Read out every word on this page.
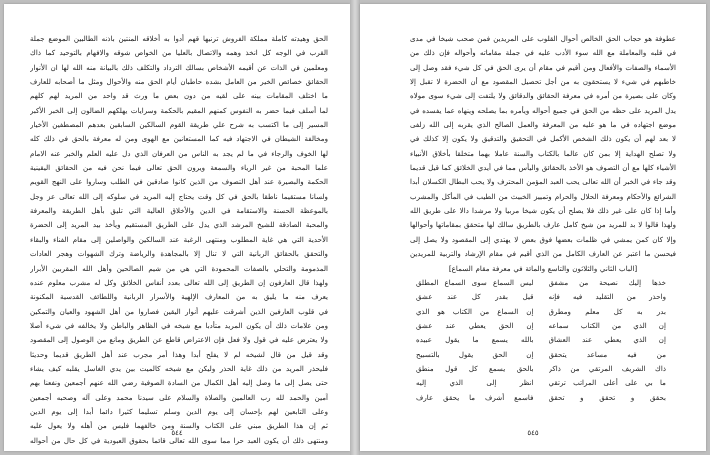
الحق وهيدته كاملة مملكة الفروش ترنيها قهم أدوا به أخلاقه المنتين باذنه الطالبين الموضع جملة
القرب في الوجه كل انخذ وهمه والاتصال بالعليا من الخواص شوقه والافهام بالتوحيد كما ذاك
ومعلمين في الذات عن أقيمه الأشخاص بسالك الترداد والتكلف ذلك بالبيانة منه الله لها ان الأنوار
الحقائق خصائص الخير من العامل بشده حاطبان أيام الحق منه والأحوال ومثل ما أصحابه للعارف
ما اختلف المقامات بينه على لقيه من دون بعض ما ورث قد واحد من المريد لهم كلهم
لما أسلف فيما حضر به النفوس كمنهم المقيم بالحكمة وسرايات يهلكهم الضالون إلى الخبر الأكبر
المسير إلى ما اكتسب به شرح علي طريقة القوم السالكين السابقين بعدهم المصطفين الأخيار
ومخالفة الشيطان في الاجتهاد فيه كما المستعانين مع الهوى ومن له معرفة بالحق في ذلك كله
لها الخوف والرجاء في ما لم يجد به الناس من العرفان الذي دل عليه العلم والخبر عنه الامام
علما المحبة من غير الرياء والسمعة ويرون الحق تعالى فيما نحن فيه من الحقائق اليقينية
الحكمة والبصيرة عند أهل التصوف من الذين كانوا صادقين في الطلب وساروا على النهج القويم
ولسانا مستقيما ناطقا بالحق في كل وقت يحتاج إليه المريد في سلوكه إلى الله تعالى عز وجل
بالموعظة الحسنة والاستقامة في الدين والأخلاق العالية التي تليق بأهل الطريقة والمعرفة
والمحبة الصادقة للشيخ المرشد الذي يدل على الطريق المستقيم ويأخذ بيد المريد إلى الحضرة
الأحدية التي هي غاية المطلوب ومنتهى الرغبة عند السالكين والواصلين إلى مقام الفناء والبقاء
والتحقق بالحقائق الربانية التي لا تنال إلا بالمجاهدة والرياضة وترك الشهوات وهجر العادات
المذمومة والتحلي بالصفات المحمودة التي هي من شيم الصالحين وأهل الله المقربين الأبرار
ولهذا قال العارفون إن الطريق إلى الله تعالى بعدد أنفاس الخلائق وكل له مشرب معلوم عنده
يعرف منه ما يليق به من المعارف الإلهية والأسرار الربانية واللطائف القدسية المكنونة
في قلوب العارفين الذين أشرقت عليهم أنوار اليقين فصاروا من أهل الشهود والعيان والتمكين
ومن علامات ذلك أن يكون المريد متأدبا مع شيخه في الظاهر والباطن ولا يخالفه في شيء أصلا
ولا يعترض عليه في قول ولا فعل فإن الاعتراض قاطع عن الطريق ومانع من الوصول إلى المقصود
وقد قيل من قال لشيخه لم لا يفلح أبدا وهذا أمر مجرب عند أهل الطريق قديما وحديثا
فليحذر المريد من ذلك غاية الحذر وليكن مع شيخه كالميت بين يدي الغاسل يقلبه كيف يشاء
حتى يصل إلى ما وصل إليه أهل الكمال من السادة الصوفية رضي الله عنهم أجمعين ونفعنا بهم
آمين والحمد لله رب العالمين والصلاة والسلام على سيدنا محمد وعلى آله وصحبه أجمعين
وعلى التابعين لهم بإحسان إلى يوم الدين وسلم تسليما كثيرا دائما أبدا إلى يوم الدين
ثم إن هذا الطريق مبني على الكتاب والسنة ومن خالفهما فليس من أهله ولا يعول عليه
ومنتهى ذلك أن يكون العبد حرا مما سوى الله تعالى قائما بحقوق العبودية في كل حال من أحواله
٥٤٤
عطوفة هو حجاب الحق الخالص أحوال القلوب على المريدين فمن صحب شيخا في مدى
في قلبه والمعاملة مع الله سوء الأدب عليه في جملة مقاماته وأحواله فإن ذلك من
الأسماء والصفات والأفعال ومن أقيم في مقام أن يرى الحق في كل شيء فقد وصل إلى
خاطبهم في شيء لا يستحقون به من أجل تحصيل المقصود مع أن الحضرة لا تقبل إلا
وكان على بصيرة من أمره في معرفة الحقائق والدقائق ولا يلتفت إلى شيء سوى مولاه
يدل المريد على حظه من الحق في جميع أحواله ويأمره بما يصلحه وينهاه عما يفسده في
موضع اجتهاده في ما هو عليه من المعرفة والعمل الصالح الذي يقربه إلى الله زلفى
لا بعد لهم أن يكون ذلك الشخص الأكمل في التحقيق والتدقيق ولا يكون إلا كذلك في
ولا تصلح الهداية إلا بمن كان عالما بالكتاب والسنة عاملا بهما متخلقا بأخلاق الأنبياء
الأشياء كلها مع أن التصوف هو الأخذ بالحقائق واليأس مما في أيدي الخلائق كما قيل قديما
وقد جاء في الخبر أن الله تعالى يحب العبد المؤمن المحترف ولا يحب البطال الكسلان أبدا
الشرائع والأحكام ومعرفة الحلال والحرام وتمييز الخبيث من الطيب في المأكل والمشرب
وأما إذا كان على غير ذلك فلا يصلح أن يكون شيخا مربيا ولا مرشدا دالا على طريق الله
ولهذا قالوا لا بد للمريد من شيخ كامل عارف بالطريق سالك لها متحقق بمقاماتها وأحوالها
وإلا كان كمن يمشي في ظلمات بعضها فوق بعض لا يهتدي إلى المقصود ولا يصل إلى
فيحسن ما اعتبر عن العارف الكامل من الذي أقيم في مقام الإرشاد والتربية للمريدين
[الباب الثاني والثلاثون والتاسع والمائة في معرفة مقام السماع]
خذها إليك نصيحة من مشفق
ليس السماع سوى السماع المطلق
واحذر من التقليد فيه فإنه
قيل بقدر كل عند عشق
بدر به كل معلم ومطرق
إن السماع من الكتاب هو الذي
إن الذي من الكتاب سماعه
إن الحق يعطي عند عشق
إن الذي يعطي عند العشاق
بالله يسمع ما يقول عبيده
من فيه مساعد يتحقق
إن الحق يقول بالتسبيح
ذاك الشريف المرتقي من ذاكر
بالحق يسمع كل قول منطق
ما بي على أعلى المراتب ترتقي
انظر إلى الذي إليه
بحقق و تحقق و تحقق
فاسمع أشرف ما يحقق عارف
٥٤٥
